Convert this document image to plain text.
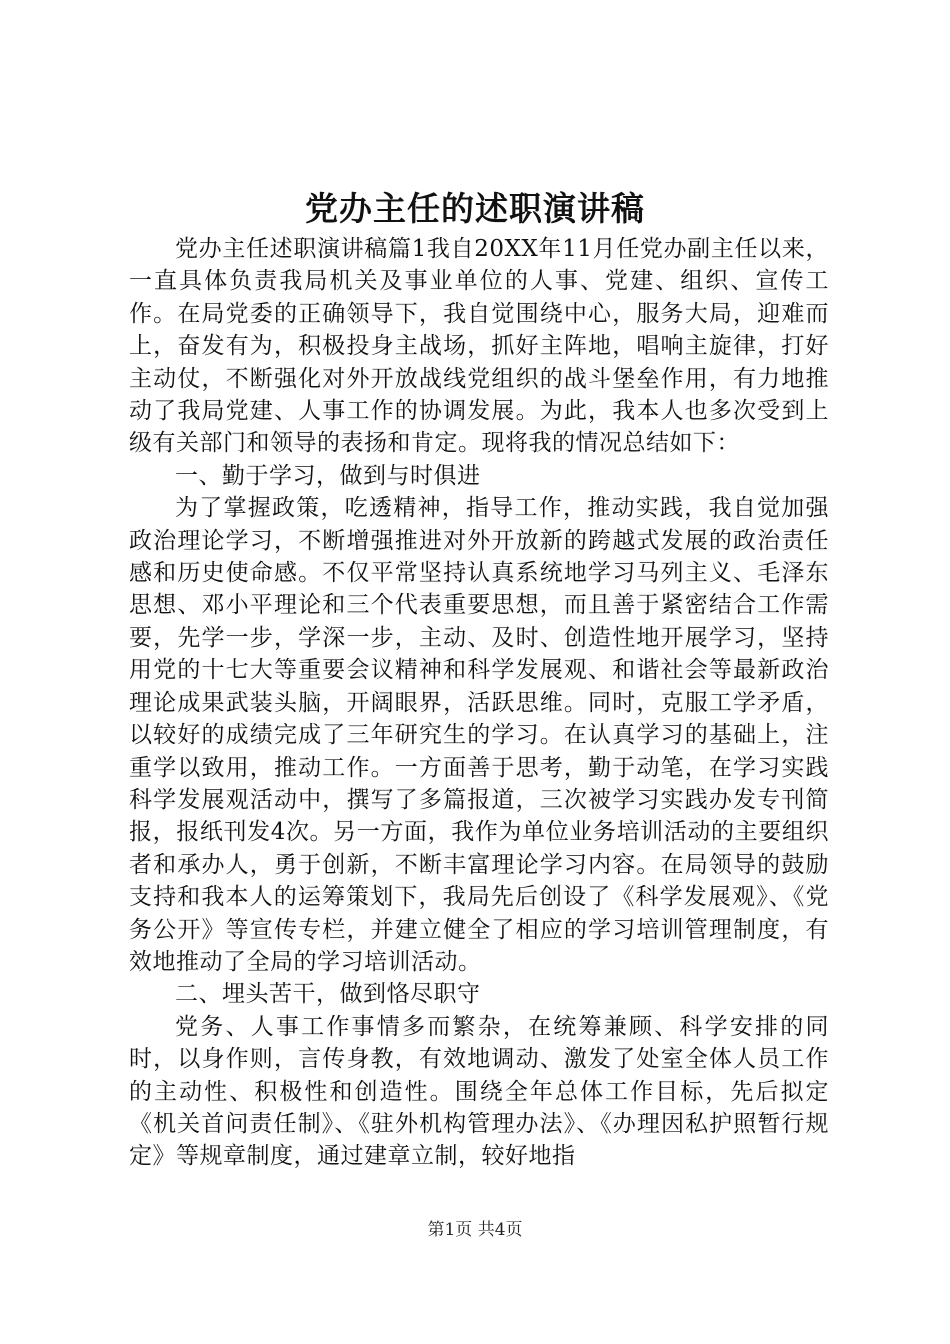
党办主任的述职演讲稿

党办主任述职演讲稿篇1我自20XX年11月任党办副主任以来，一直具体负责我局机关及事业单位的人事、党建、组织、宣传工作。在局党委的正确领导下，我自觉围绕中心，服务大局，迎难而上，奋发有为，积极投身主战场，抓好主阵地，唱响主旋律，打好主动仗，不断强化对外开放战线党组织的战斗堡垒作用，有力地推动了我局党建、人事工作的协调发展。为此，我本人也多次受到上级有关部门和领导的表扬和肯定。现将我的情况总结如下：

一、勤于学习，做到与时俱进

为了掌握政策，吃透精神，指导工作，推动实践，我自觉加强政治理论学习，不断增强推进对外开放新的跨越式发展的政治责任感和历史使命感。不仅平常坚持认真系统地学习马列主义、毛泽东思想、邓小平理论和三个代表重要思想，而且善于紧密结合工作需要，先学一步，学深一步，主动、及时、创造性地开展学习，坚持用党的十七大等重要会议精神和科学发展观、和谐社会等最新政治理论成果武装头脑，开阔眼界，活跃思维。同时，克服工学矛盾，以较好的成绩完成了三年研究生的学习。在认真学习的基础上，注重学以致用，推动工作。一方面善于思考，勤于动笔，在学习实践科学发展观活动中，撰写了多篇报道，三次被学习实践办发专刊简报，报纸刊发4次。另一方面，我作为单位业务培训活动的主要组织者和承办人，勇于创新，不断丰富理论学习内容。在局领导的鼓励支持和我本人的运筹策划下，我局先后创设了《科学发展观》、《党务公开》等宣传专栏，并建立健全了相应的学习培训管理制度，有效地推动了全局的学习培训活动。

二、埋头苦干，做到恪尽职守

党务、人事工作事情多而繁杂，在统筹兼顾、科学安排的同时，以身作则，言传身教，有效地调动、激发了处室全体人员工作的主动性、积极性和创造性。围绕全年总体工作目标，先后拟定《机关首问责任制》、《驻外机构管理办法》、《办理因私护照暂行规定》等规章制度，通过建章立制，较好地指

第1页 共4页
